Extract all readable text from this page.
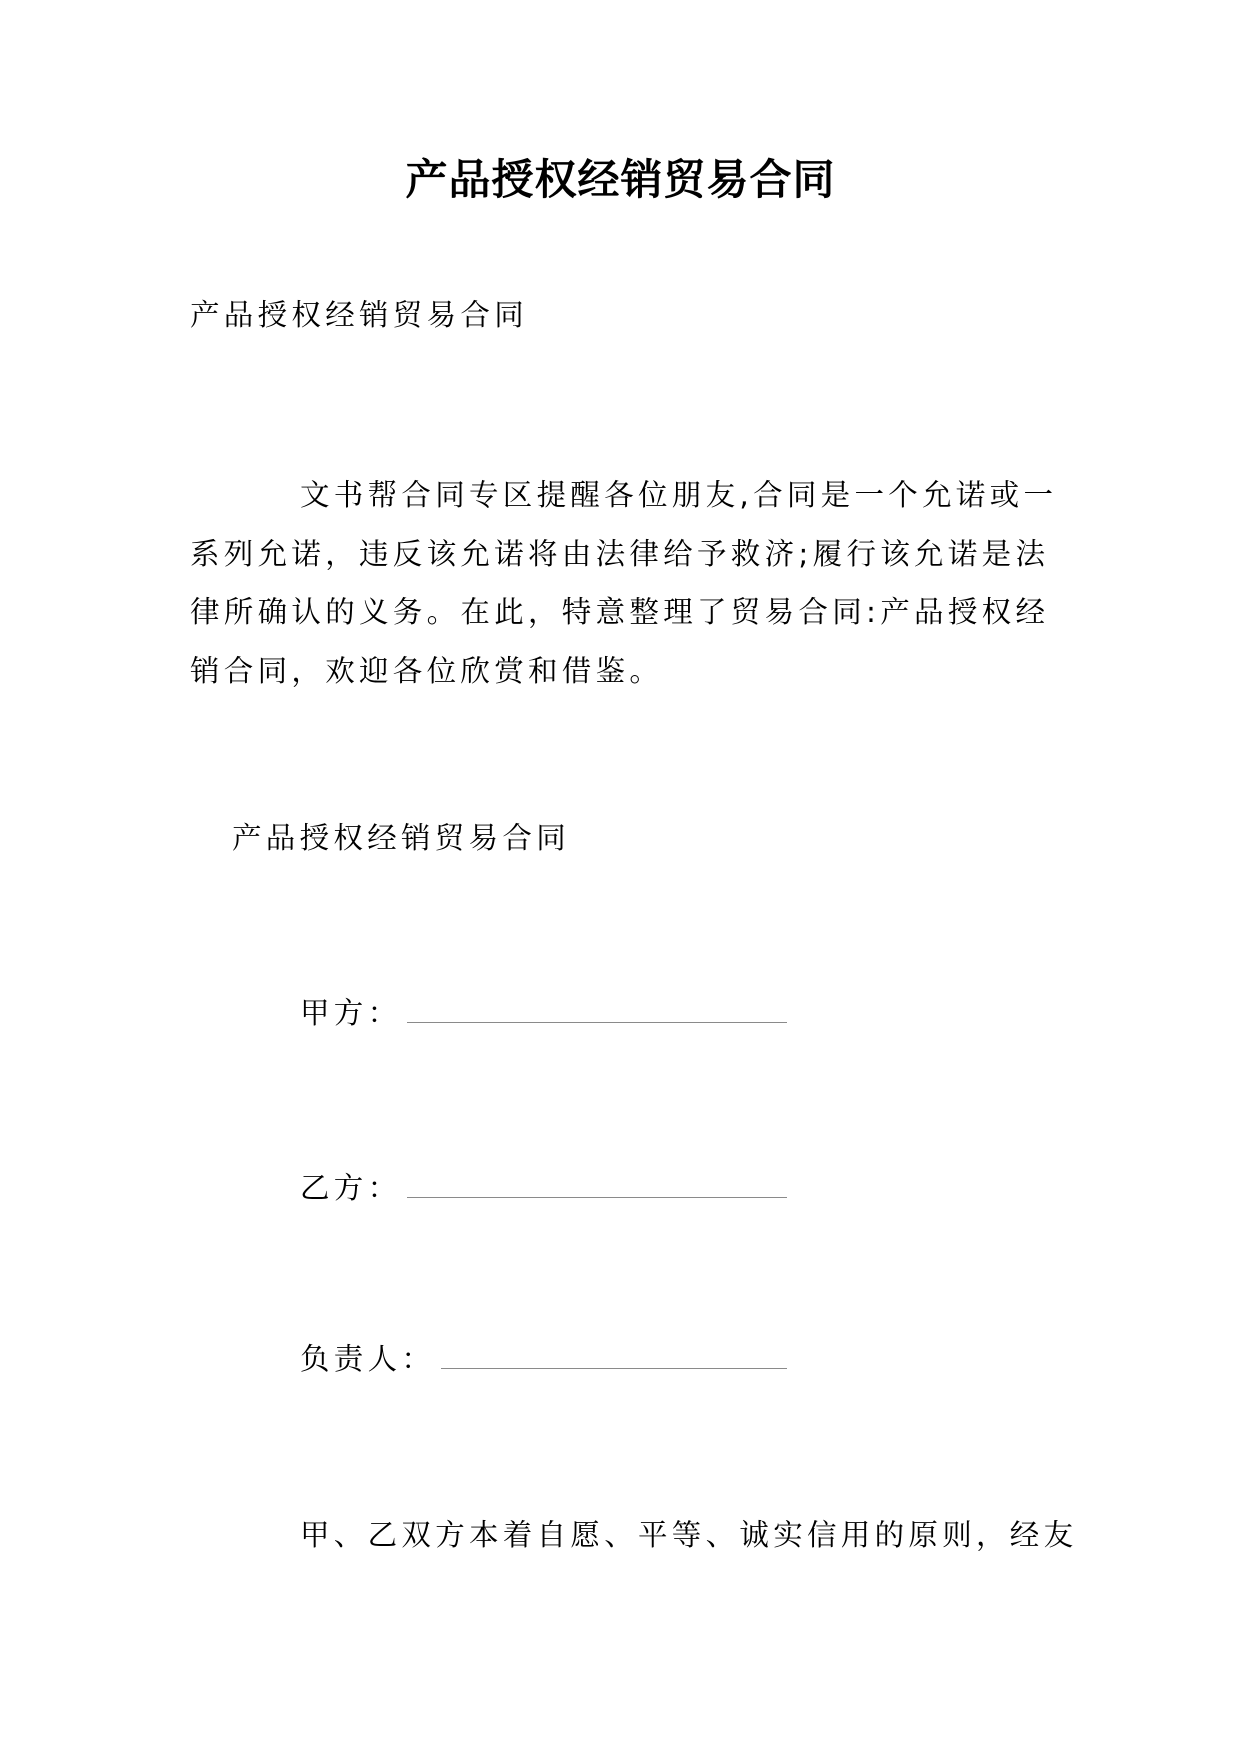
产品授权经销贸易合同
产品授权经销贸易合同

文书帮合同专区提醒各位朋友,合同是一个允诺或一系列允诺，违反该允诺将由法律给予救济;履行该允诺是法律所确认的义务。在此，特意整理了贸易合同:产品授权经销合同，欢迎各位欣赏和借鉴。

产品授权经销贸易合同
甲方：
乙方：
负责人：
甲、乙双方本着自愿、平等、诚实信用的原则，经友
